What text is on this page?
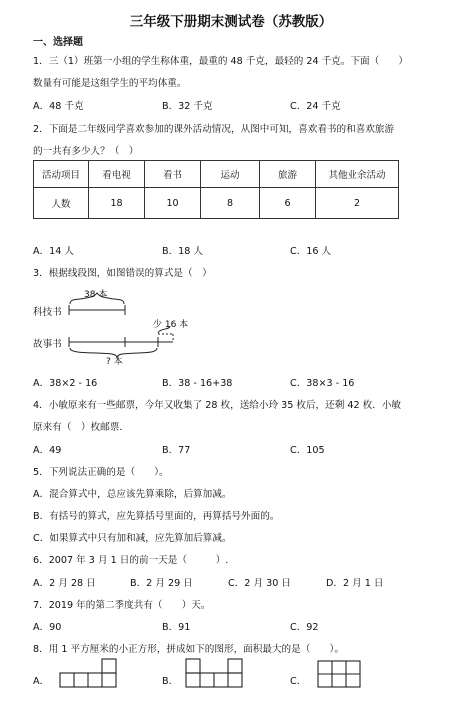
三年级下册期末测试卷（苏教版）
一、选择题
1．三（1）班第一小组的学生称体重，最重的 48 千克，最轻的 24 千克。下面（　　）
数量有可能是这组学生的平均体重。
A．48 千克	B．32 千克	C．24 千克
2．下面是二年级同学喜欢参加的课外活动情况，从图中可知，喜欢看书的和喜欢旅游
的一共有多少人？（　）
活动项目	看电视	看书	运动	旅游	其他业余活动
人数	18	10	8	6	2
A．14 人	B．18 人	C．16 人
3．根据线段图，如图错误的算式是（　）
38 本
科技书
故事书
少 16 本
? 本
A．38×2 - 16	B．38 - 16+38	C．38×3 - 16
4．小敏原来有一些邮票，今年又收集了 28 枚，送给小玲 35 枚后，还剩 42 枚．小敏
原来有（　）枚邮票．
A．49	B．77	C．105
5．下列说法正确的是（　　）。
A．混合算式中，总应该先算乘除，后算加减。
B．有括号的算式，应先算括号里面的，再算括号外面的。
C．如果算式中只有加和减，应先算加后算减。
6．2007 年 3 月 1 日的前一天是（　　　）.
A．2 月 28 日	B．2 月 29 日	C．2 月 30 日	D．2 月 1 日
7．2019 年的第二季度共有（　　）天。
A．90	B．91	C．92
8．用 1 平方厘米的小正方形，拼成如下的图形，面积最大的是（　　）。
A．	B．	C．
